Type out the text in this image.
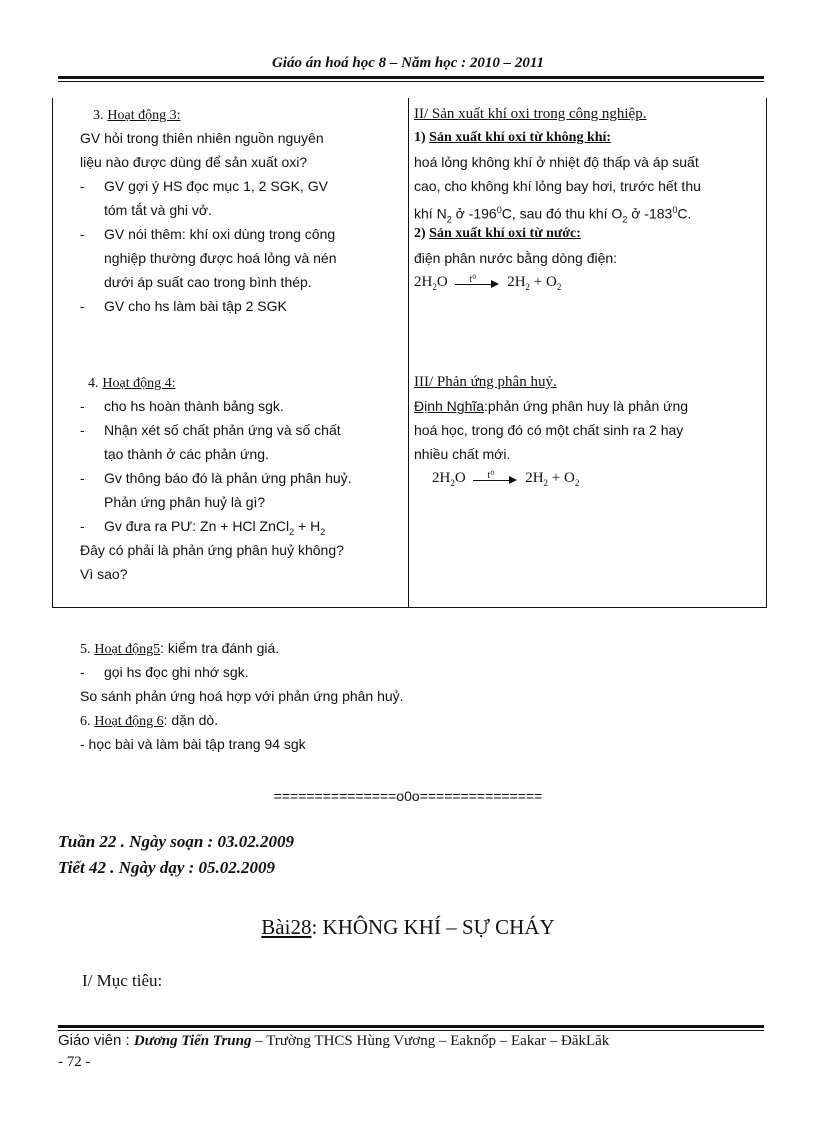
Giáo án hoá học 8 – Năm học : 2010 – 2011
3. Hoạt động 3:
GV hỏi trong thiên nhiên nguồn nguyên
liệu nào được dùng để sản xuất oxi?
- GV gợi ý HS đọc mục 1, 2 SGK, GV
tóm tắt và ghi vở.
- GV nói thêm: khí oxi dùng trong công
nghiệp thường được hoá lỏng và nén
dưới áp suất cao trong bình thép.
- GV cho hs làm bài tập 2 SGK
II/ Sản xuất khí oxi trong công nghiệp.
1) Sản xuất khí oxi từ không khí:
hoá lỏng không khí ở nhiệt độ thấp và áp suất
cao, cho không khí lỏng bay hơi, trước hết thu
khí $N_2$ ở $-196^0C$, sau đó thu khí $O_2$ ở $-183^0C$.
2) Sản xuất khí oxi từ nước:
điện phân nước bằng dòng điện:
$2H_2O$ t⁰ $2H_2 + O_2$
4. Hoạt động 4:
- cho hs hoàn thành bảng sgk.
- Nhận xét số chất phản ứng và số chất
tạo thành ở các phản ứng.
- Gv thông báo đó là phản ứng phân huỷ.
Phản ứng phân huỷ là gì?
- Gv đưa ra PƯ: Zn + HCl ZnCl$_2$ + $H_2$
Đây có phải là phản ứng phân huỷ không?
Vì sao?
III/ Phản ứng phân huỷ.
Định Nghĩa:phản ứng phân huy là phản ứng
hoá học, trong đó có một chất sinh ra 2 hay
nhiều chất mới.
$2H_2O$ t⁰ $2H_2 + O_2$
5. Hoạt động5: kiểm tra đánh giá.
- gọi hs đọc ghi nhớ sgk.
So sánh phản ứng hoá hợp với phản ứng phân huỷ.
6. Hoạt động 6: dặn dò.
- học bài và làm bài tập trang 94 sgk
===============o0o===============
Tuần 22 . Ngày soạn : 03.02.2009
Tiết 42 . Ngày dạy : 05.02.2009
Bài28: KHÔNG KHÍ – SỰ CHÁY
I/ Mục tiêu:
Giáo viên : Dương Tiến Trung – Trường THCS Hùng Vương – Eaknốp – Eakar – ĐăkLăk
- 72 -
